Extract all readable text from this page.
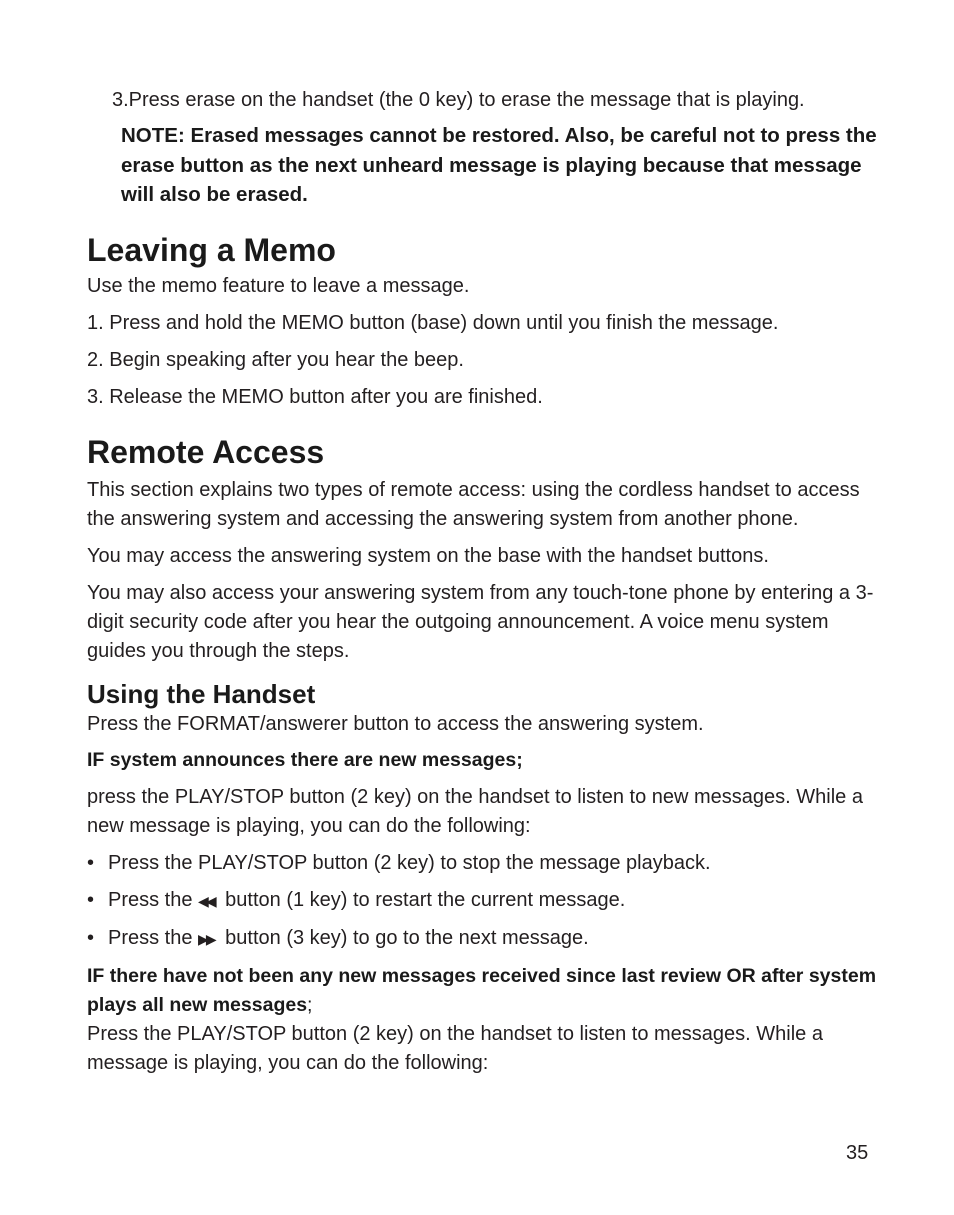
3.Press erase on the handset (the 0 key) to erase the message that is playing.

NOTE: Erased messages cannot be restored. Also, be careful not to press the erase button as the next unheard message is playing because that message will also be erased.

Leaving a Memo

Use the memo feature to leave a message.

1. Press and hold the MEMO button (base) down until you finish the message.

2. Begin speaking after you hear the beep.

3. Release the MEMO button after you are finished.

Remote Access

This section explains two types of remote access: using the cordless handset to access the answering system and accessing the answering system from another phone.

You may access the answering system on the base with the handset buttons.

You may also access your answering system from any touch-tone phone by entering a 3-digit security code after you hear the outgoing announcement. A voice menu system guides you through the steps.

Using the Handset

Press the FORMAT/answerer button to access the answering system.

IF system announces there are new messages;

press the PLAY/STOP button (2 key) on the handset to listen to new messages. While a new message is playing, you can do the following:

• Press the PLAY/STOP button (2 key) to stop the message playback.
• Press the ◀◀ button (1 key) to restart the current message.
• Press the ▶▶ button (3 key) to go to the next message.

IF there have not been any new messages received since last review OR after system plays all new messages;

Press the PLAY/STOP button (2 key) on the handset to listen to messages. While a message is playing, you can do the following:

35
